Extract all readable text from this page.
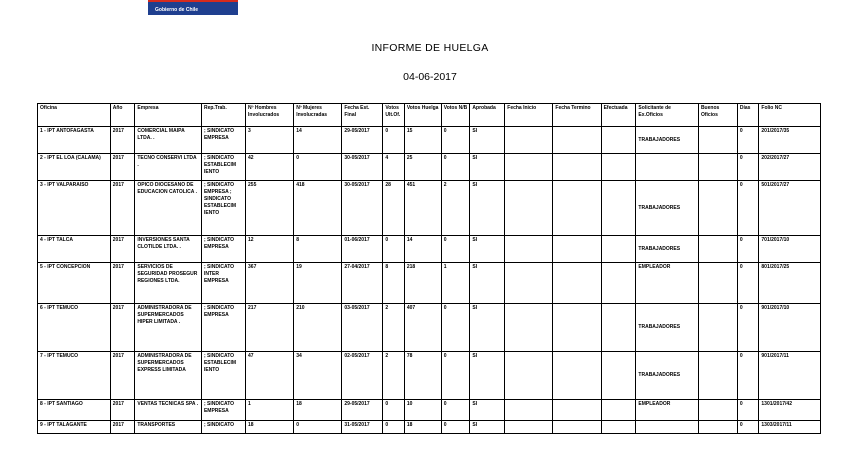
Gobierno de Chile
INFORME DE HUELGA
04-06-2017
Oficina	Año	Empresa	Rep.Trab.	Nº Hombres Involucrados	Nº Mujeres Involucradas	Fecha Est. Final	Votos Ult.Of.	Votos Huelga	Votos N/B	Aprobada	Fecha Inicio	Fecha Termino	Efectuada	Solicitante de Ex.Oficios	Buenos Oficios	Días	Folio NC
1 - IPT ANTOFAGASTA	2017	COMERCIAL MAIPA LTDA. .	; SINDICATO EMPRESA	3	14	29-05/2017	0	15	0	SI				TRABAJADORES		0	201/2017/35
2 - IPT EL LOA (CALAMA)	2017	TECNO CONSERVI LTDA .	; SINDICATO ESTABLECIM IENTO	42	0	30-05/2017	4	25	0	SI						0	202/2017/27
3 - IPT VALPARAISO	2017	OPICO DIOCESANO DE EDUCACION CATOLICA .	; SINDICATO EMPRESA ; SINDICATO ESTABLECIM IENTO	255	418	30-05/2017	28	451	2	SI				TRABAJADORES		0	501/2017/27
4 - IPT TALCA	2017	INVERSIONES SANTA CLOTILDE LTDA. .	; SINDICATO EMPRESA	12	8	01-06/2017	0	14	0	SI				TRABAJADORES		0	701/2017/10
5 - IPT CONCEPCION	2017	SERVICIOS DE SEGURIDAD PROSEGUR REGIONES LTDA.	; SINDICATO INTER EMPRESA	367	19	27-04/2017	8	218	1	SI				EMPLEADOR		0	801/2017/25
6 - IPT TEMUCO	2017	ADMINISTRADORA DE SUPERMERCADOS HIPER LIMITADA .	; SINDICATO EMPRESA	217	210	03-05/2017	2	407	0	SI				TRABAJADORES		0	901/2017/10
7 - IPT TEMUCO	2017	ADMINISTRADORA DE SUPERMERCADOS EXPRESS LIMITADA	; SINDICATO ESTABLECIM IENTO	47	34	02-05/2017	2	78	0	SI				TRABAJADORES		0	901/2017/11
8 - IPT SANTIAGO	2017	VENTAS TECNICAS SPA .	; SINDICATO EMPRESA	1	18	29-05/2017	0	10	0	SI				EMPLEADOR		0	1301/2017/42
9 - IPT TALAGANTE	2017	TRANSPORTES	; SINDICATO	18	0	31-05/2017	0	18	0	SI						0	1303/2017/11
